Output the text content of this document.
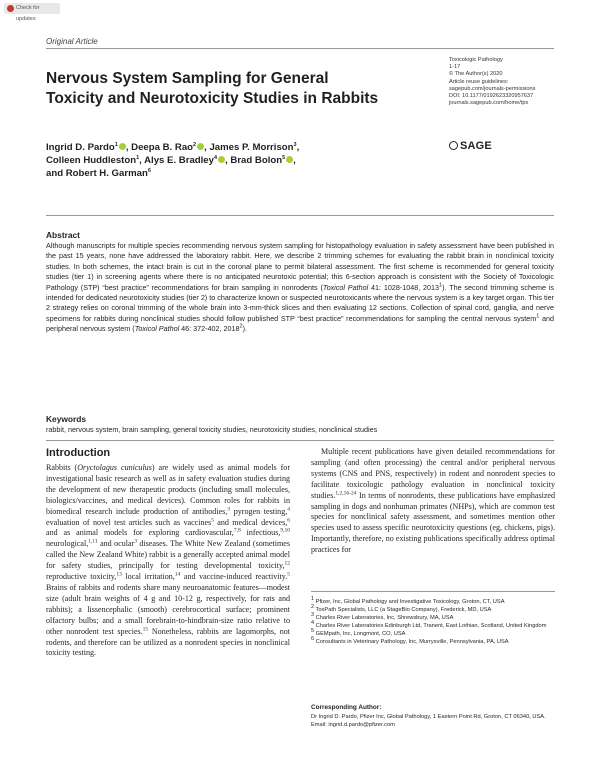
Check for updates
Original Article
Toxicologic Pathology
1-17
© The Author(s) 2020
Article reuse guidelines:
sagepub.com/journals-permissions
DOI: 10.1177/0192623320957637
journals.sagepub.com/home/tpx
SAGE
Nervous System Sampling for General Toxicity and Neurotoxicity Studies in Rabbits
Ingrid D. Pardo$^1$ , Deepa B. Rao$^2$ , James P. Morrison$^3$,
Colleen Huddleston$^1$, Alys E. Bradley$^4$ , Brad Bolon$^5$ ,
and Robert H. Garman$^6$
Abstract
Although manuscripts for multiple species recommending nervous system sampling for histopathology evaluation in safety assessment have been published in the past 15 years, none have addressed the laboratory rabbit. Here, we describe 2 trimming schemes for evaluating the rabbit brain in nonclinical toxicity studies. In both schemes, the intact brain is cut in the coronal plane to permit bilateral assessment. The first scheme is recommended for general toxicity studies (tier 1) in screening agents where there is no anticipated neurotoxic potential; this 6-section approach is consistent with the Society of Toxicologic Pathology (STP) “best practice” recommendations for brain sampling in nonrodents (Toxicol Pathol 41: 1028-1048, 2013$^1$). The second trimming scheme is intended for dedicated neurotoxicity studies (tier 2) to characterize known or suspected neurotoxicants where the nervous system is a key target organ. This tier 2 strategy relies on coronal trimming of the whole brain into 3-mm-thick slices and then evaluating 12 sections. Collection of spinal cord, ganglia, and nerve specimens for rabbits during nonclinical studies should follow published STP “best practice” recommendations for sampling the central nervous system$^1$ and peripheral nervous system (Toxicol Pathol 46: 372-402, 2018$^2$).
Keywords
rabbit, nervous system, brain sampling, general toxicity studies, neurotoxicity studies, nonclinical studies
Introduction
Rabbits (Oryctolagus cuniculus) are widely used as animal models for investigational basic research as well as in safety evaluation studies during the development of new therapeutic products (including small molecules, biologics/vaccines, and medical devices). Common roles for rabbits in biomedical research include production of antibodies,$^3$ pyrogen testing,$^4$ evaluation of novel test articles such as vaccines$^5$ and medical devices,$^6$ and as animal models for exploring cardiovascular,$^{7,8}$ infectious,$^{9,10}$ neurological,$^{1,11}$ and ocular$^3$ diseases. The White New Zealand (sometimes called the New Zealand White) rabbit is a generally accepted animal model for safety studies, principally for testing developmental toxicity,$^{12}$ reproductive toxicity,$^{13}$ local irritation,$^{14}$ and vaccine-induced reactivity.$^5$ Brains of rabbits and rodents share many neuroanatomic features—modest size (adult brain weights of 4 g and 10-12 g, respectively, for rats and rabbits); a lissencephalic (smooth) cerebrocortical surface; prominent olfactory bulbs; and a small forebrain-to-hindbrain-size ratio relative to other nonrodent test species.$^{15}$ Nonetheless, rabbits are lagomorphs, not rodents, and therefore can be utilized as a nonrodent species in nonclinical toxicity testing.
Multiple recent publications have given detailed recommendations for sampling (and often processing) the central and/or peripheral nervous systems (CNS and PNS, respectively) in rodent and nonrodent species to facilitate toxicologic pathology evaluation in nonclinical toxicity studies.$^{1,2,16-24}$ In terms of nonrodents, these publications have emphasized sampling in dogs and nonhuman primates (NHPs), which are common test species for nonclinical safety assessment, and sometimes mention other species used to assess specific neurotoxicity questions (eg, chickens, pigs). Importantly, therefore, no existing publications specifically address optimal practices for
$^1$ Pfizer, Inc, Global Pathology and Investigative Toxicology, Groton, CT, USA
$^2$ ToxPath Specialists, LLC (a StageBio Company), Frederick, MD, USA
$^3$ Charles River Laboratories, Inc, Shrewsbury, MA, USA
$^4$ Charles River Laboratories Edinburgh Ltd, Tranent, East Lothian, Scotland, United Kingdom
$^5$ GEMpath, Inc, Longmont, CO, USA
$^6$ Consultants in Veterinary Pathology, Inc, Murrysville, Pennsylvania, PA, USA
Corresponding Author:
Dr Ingrid D. Pardo, Pfizer Inc, Global Pathology, 1 Eastern Point Rd, Groton, CT 06340, USA.
Email: ingrid.d.pardo@pfizer.com
